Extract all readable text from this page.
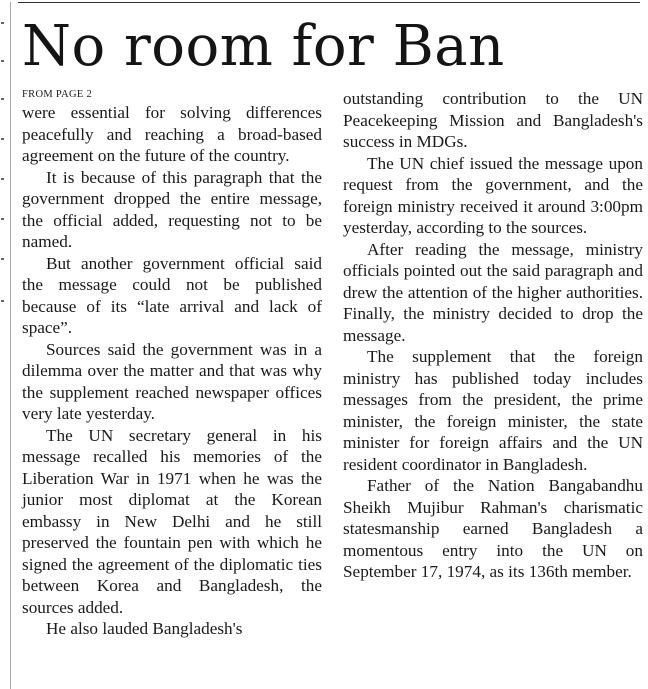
No room for Ban
FROM PAGE 2

were essential for solving differences peacefully and reaching a broad-based agreement on the future of the country.

It is because of this paragraph that the government dropped the entire message, the official added, requesting not to be named.

But another government official said the message could not be published because of its “late arrival and lack of space”.

Sources said the government was in a dilemma over the matter and that was why the supplement reached newspaper offices very late yesterday.

The UN secretary general in his message recalled his memories of the Liberation War in 1971 when he was the junior most diplomat at the Korean embassy in New Delhi and he still preserved the fountain pen with which he signed the agreement of the diplomatic ties between Korea and Bangladesh, the sources added.

He also lauded Bangladesh's

outstanding contribution to the UN Peacekeeping Mission and Bangladesh's success in MDGs.

The UN chief issued the message upon request from the government, and the foreign ministry received it around 3:00pm yesterday, according to the sources.

After reading the message, ministry officials pointed out the said paragraph and drew the attention of the higher authorities. Finally, the ministry decided to drop the message.

The supplement that the foreign ministry has published today includes messages from the president, the prime minister, the foreign minister, the state minister for foreign affairs and the UN resident coordinator in Bangladesh.

Father of the Nation Bangabandhu Sheikh Mujibur Rahman's charismatic statesmanship earned Bangladesh a momentous entry into the UN on September 17, 1974, as its 136th member.
